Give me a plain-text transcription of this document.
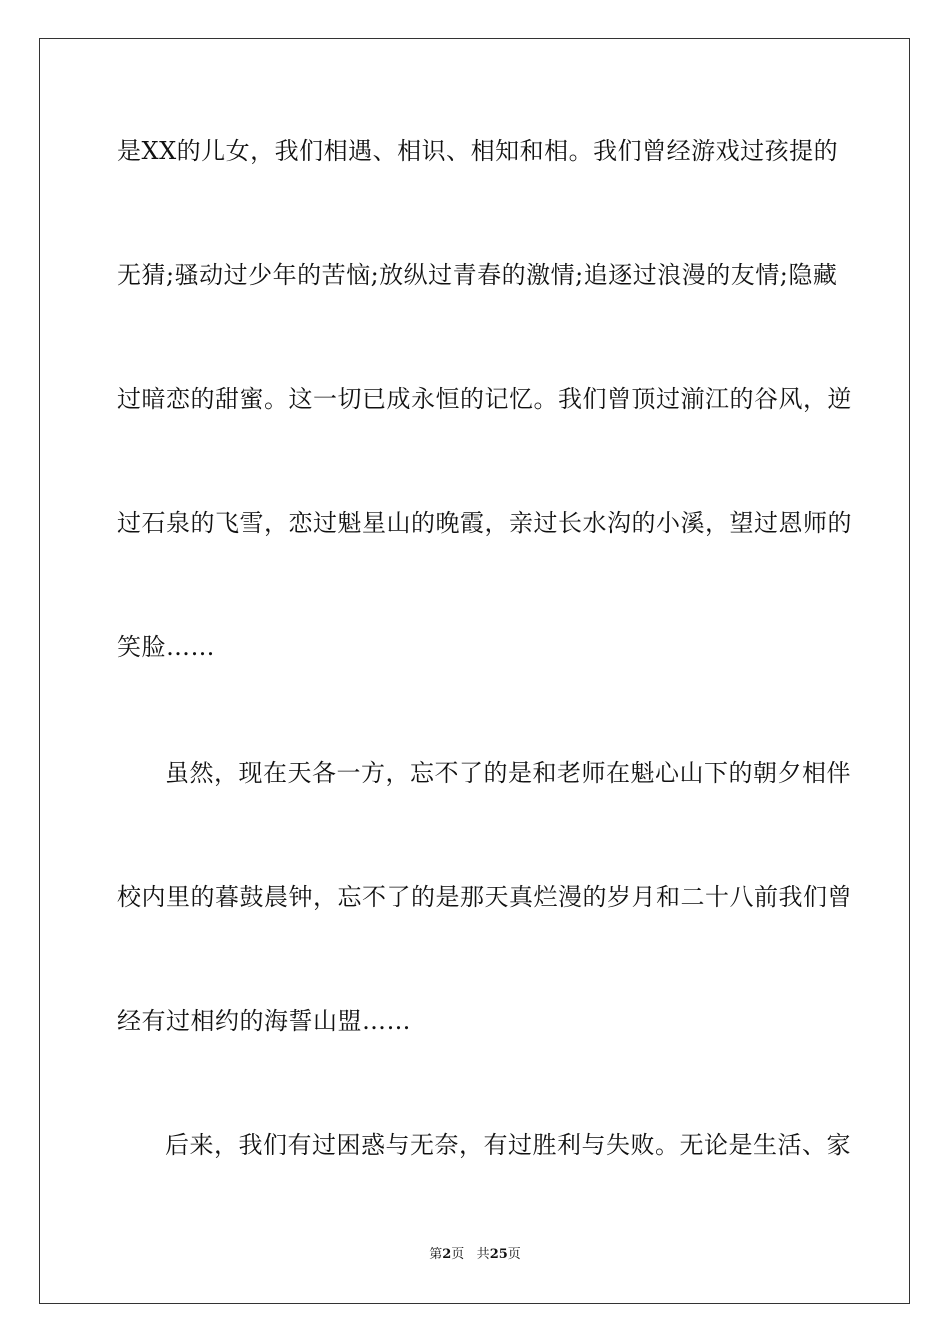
是XX的儿女，我们相遇、相识、相知和相。我们曾经游戏过孩提的
无猜;骚动过少年的苦恼;放纵过青春的激情;追逐过浪漫的友情;隐藏
过暗恋的甜蜜。这一切已成永恒的记忆。我们曾顶过湔江的谷风，逆
过石泉的飞雪，恋过魁星山的晚霞，亲过长水沟的小溪，望过恩师的
笑脸……
虽然，现在天各一方，忘不了的是和老师在魁心山下的朝夕相伴
校内里的暮鼓晨钟，忘不了的是那天真烂漫的岁月和二十八前我们曾
经有过相约的海誓山盟……
后来，我们有过困惑与无奈，有过胜利与失败。无论是生活、家
第2页 共25页
